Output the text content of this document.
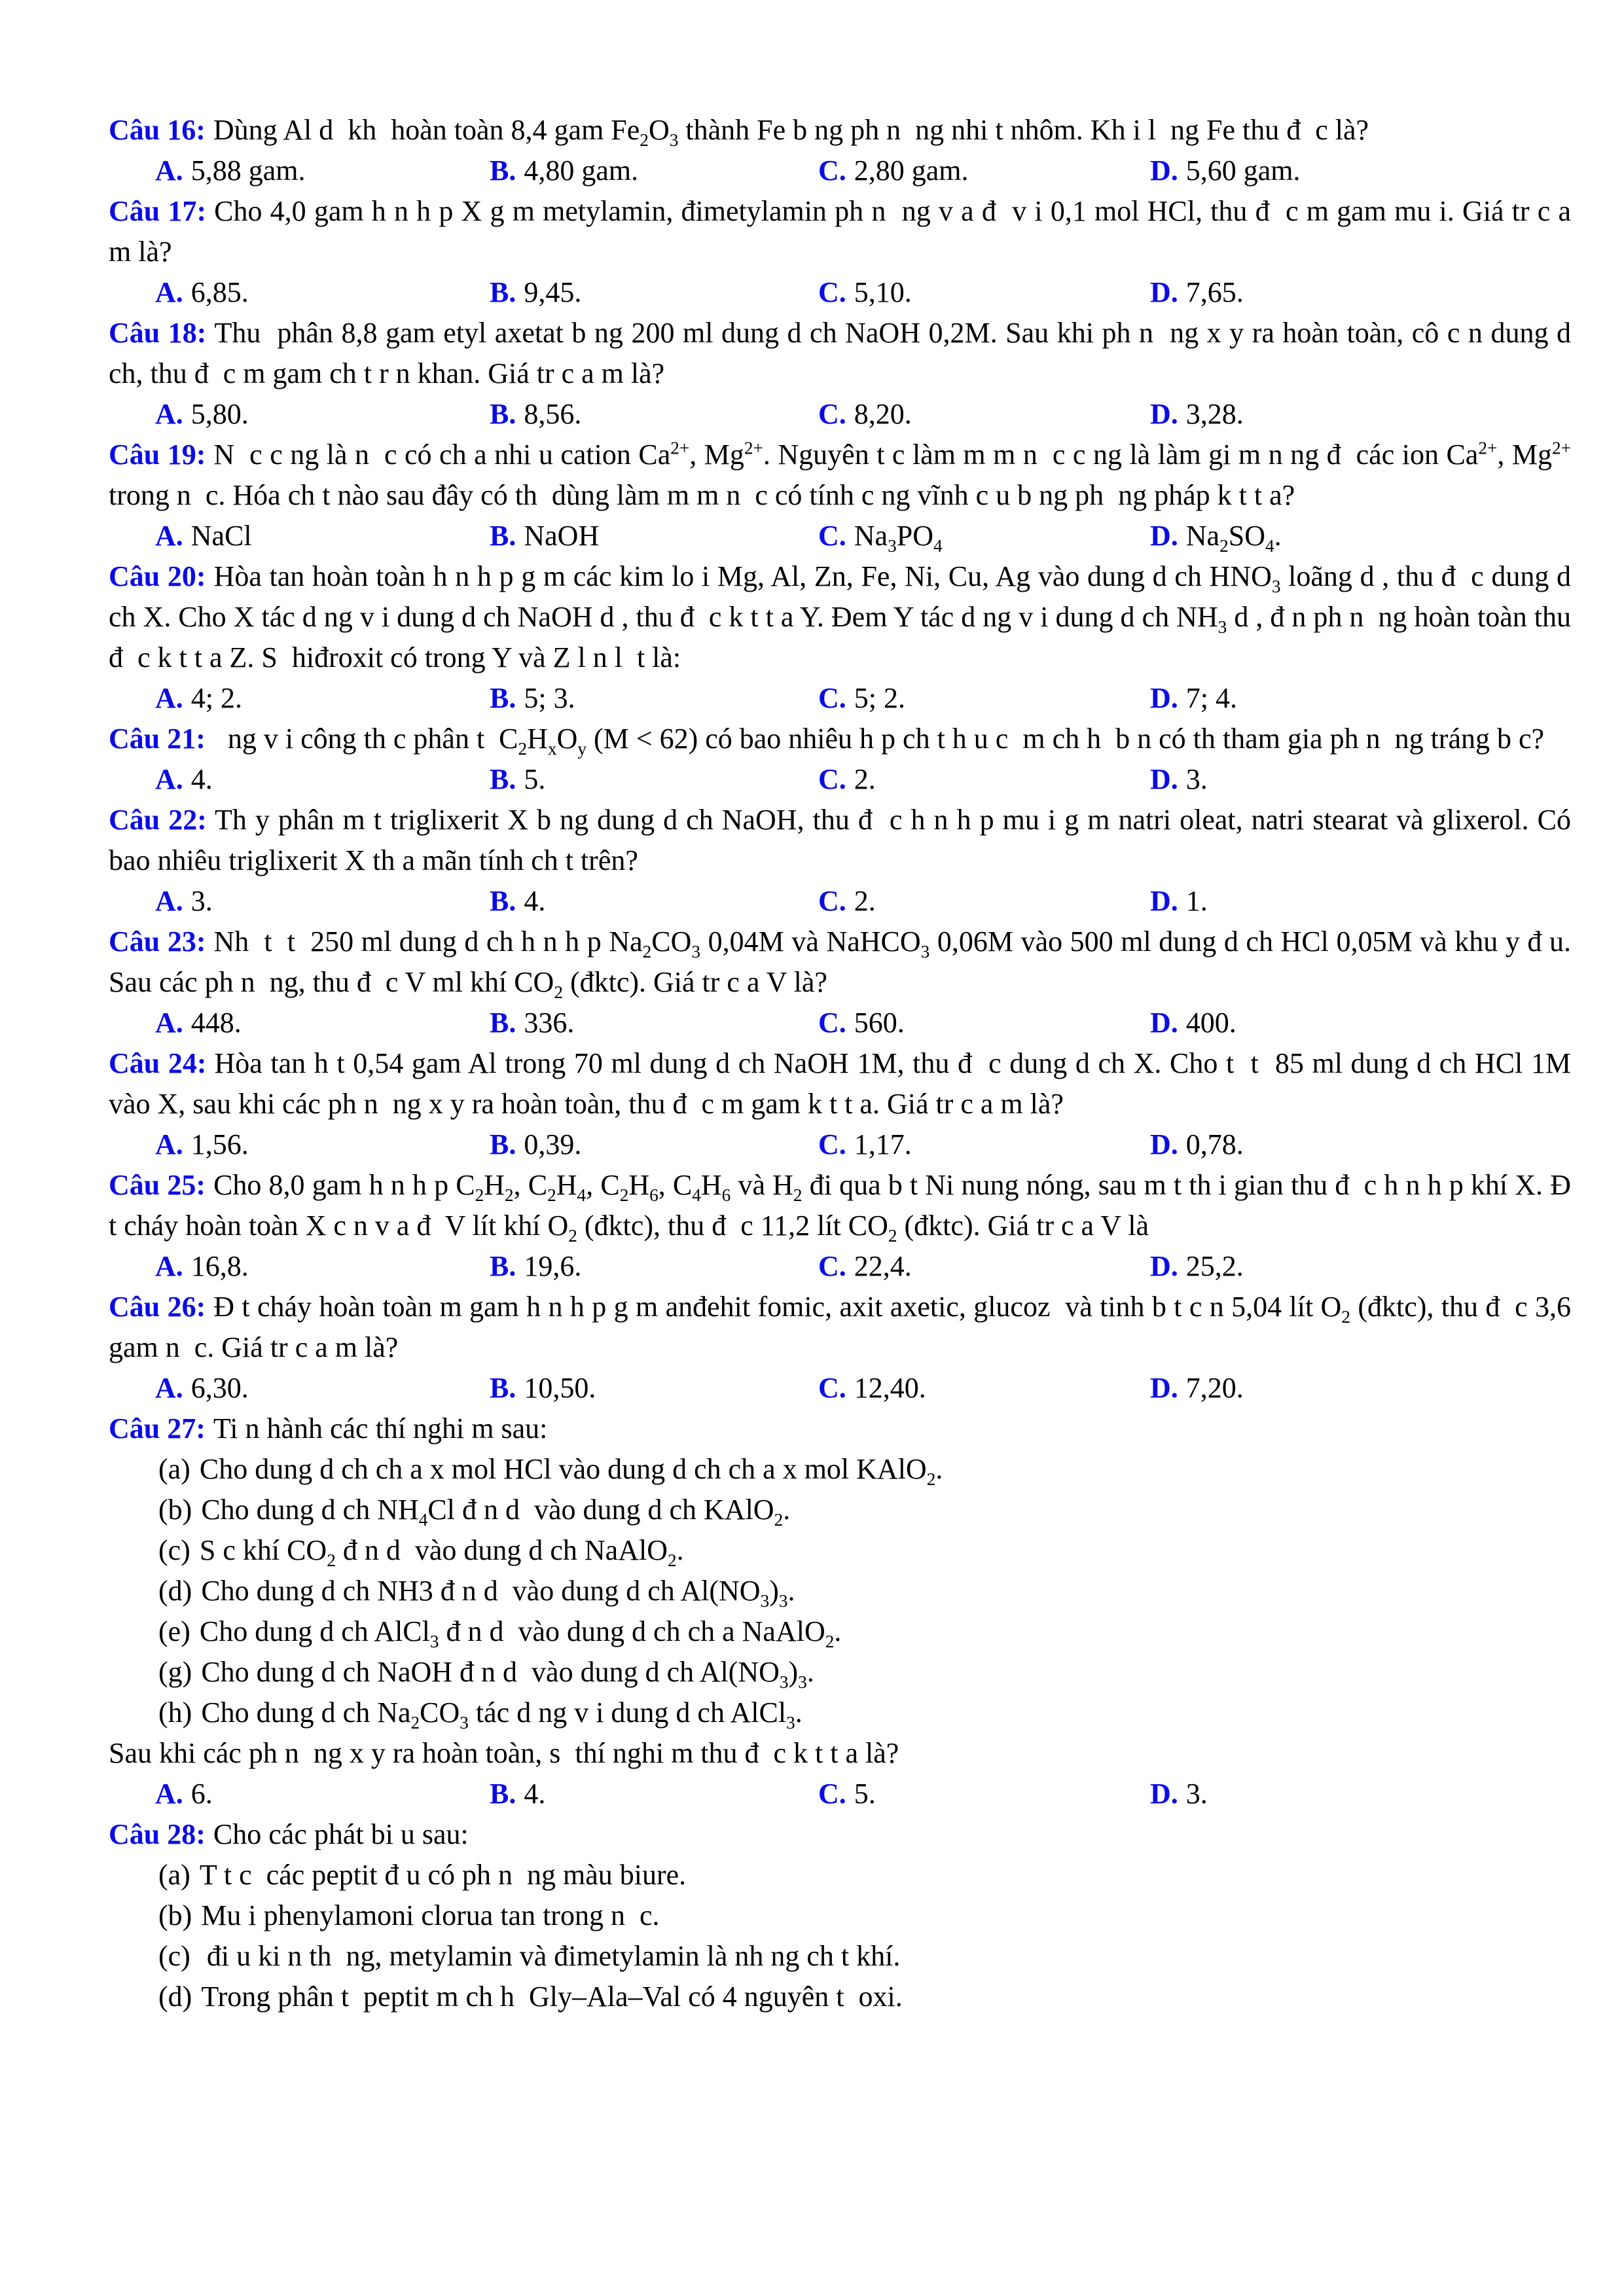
Câu 16: Dùng Al d  kh  hoàn toàn 8,4 gam $Fe_2O_3$ thành Fe b ng ph n  ng nhi t nhôm. Kh i l  ng Fe thu đ  c là?

A. 5,88 gam.	B. 4,80 gam.	C. 2,80 gam.	D. 5,60 gam.

Câu 17: Cho 4,0 gam h n h p X g m metylamin, đimetylamin ph n  ng v a đ  v i 0,1 mol HCl, thu đ  c m gam mu i. Giá tr c a m là?

A. 6,85.	B. 9,45.	C. 5,10.	D. 7,65.

Câu 18: Thu  phân 8,8 gam etyl axetat b ng 200 ml dung d ch NaOH 0,2M. Sau khi ph n  ng x y ra hoàn toàn, cô c n dung d ch, thu đ  c m gam ch t r n khan. Giá tr c a m là?

A. 5,80.	B. 8,56.	C. 8,20.	D. 3,28.

Câu 19: N  c c ng là n  c có ch a nhi u cation $Ca^{2+}$, $Mg^{2+}$. Nguyên t c làm m m n  c c ng là làm gi m n ng đ  các ion $Ca^{2+}$, $Mg^{2+}$ trong n  c. Hóa ch t nào sau đây có th  dùng làm m m n  c có tính c ng vĩnh c u b ng ph  ng pháp k t t a?

A. NaCl	B. NaOH	C. $Na_3PO_4$	D. $Na_2SO_4$.

Câu 20: Hòa tan hoàn toàn h n h p g m các kim lo i Mg, Al, Zn, Fe, Ni, Cu, Ag vào dung d ch $HNO_3$ loãng d , thu đ  c dung d ch X. Cho X tác d ng v i dung d ch NaOH d , thu đ  c k t t a Y. Đem Y tác d ng v i dung d ch $NH_3$ d , đ n ph n  ng hoàn toàn thu đ  c k t t a Z. S  hiđroxit có trong Y và Z l n l  t là:

A. 4; 2.	B. 5; 3.	C. 5; 2.	D. 7; 4.

Câu 21:  ng v i công th c phân t  $C_2H_xO_y$ (M < 62) có bao nhiêu h p ch t h u c  m ch h  b n có th tham gia ph n  ng tráng b c?

A. 4.	B. 5.	C. 2.	D. 3.

Câu 22: Th y phân m t triglixerit X b ng dung d ch NaOH, thu đ  c h n h p mu i g m natri oleat, natri stearat và glixerol. Có bao nhiêu triglixerit X th a mãn tính ch t trên?

A. 3.	B. 4.	C. 2.	D. 1.

Câu 23: Nh  t  t  250 ml dung d ch h n h p $Na_2CO_3$ 0,04M và NaHCO$_3$ 0,06M vào 500 ml dung d ch HCl 0,05M và khu y đ u. Sau các ph n  ng, thu đ  c V ml khí $CO_2$ (đktc). Giá tr c a V là?

A. 448.	B. 336.	C. 560.	D. 400.

Câu 24: Hòa tan h t 0,54 gam Al trong 70 ml dung d ch NaOH 1M, thu đ  c dung d ch X. Cho t  t  85 ml dung d ch HCl 1M vào X, sau khi các ph n  ng x y ra hoàn toàn, thu đ  c m gam k t t a. Giá tr c a m là?

A. 1,56.	B. 0,39.	C. 1,17.	D. 0,78.

Câu 25: Cho 8,0 gam h n h p $C_2H_2$, $C_2H_4$, $C_2H_6$, $C_4H_6$ và $H_2$ đi qua b t Ni nung nóng, sau m t th i gian thu đ  c h n h p khí X. Đ t cháy hoàn toàn X c n v a đ  V lít khí $O_2$ (đktc), thu đ  c 11,2 lít $CO_2$ (đktc). Giá tr c a V là

A. 16,8.	B. 19,6.	C. 22,4.	D. 25,2.

Câu 26: Đ t cháy hoàn toàn m gam h n h p g m anđehit fomic, axit axetic, glucoz  và tinh b t c n 5,04 lít $O_2$ (đktc), thu đ  c 3,6 gam n  c. Giá tr c a m là?

A. 6,30.	B. 10,50.	C. 12,40.	D. 7,20.

Câu 27: Ti n hành các thí nghi m sau:

(a) Cho dung d ch ch a x mol HCl vào dung d ch ch a x mol KAlO$_2$.

(b) Cho dung d ch $NH_4Cl$ đ n d  vào dung d ch KAlO$_2$.

(c) S c khí $CO_2$ đ n d  vào dung d ch NaAlO$_2$.

(d) Cho dung d ch NH3 đ n d  vào dung d ch $Al(NO_3)_3$.

(e) Cho dung d ch AlCl$_3$ đ n d  vào dung d ch ch a NaAlO$_2$.

(g) Cho dung d ch NaOH đ n d  vào dung d ch $Al(NO_3)_3$.

(h) Cho dung d ch $Na_2CO_3$ tác d ng v i dung d ch AlCl$_3$.

Sau khi các ph n  ng x y ra hoàn toàn, s  thí nghi m thu đ  c k t t a là?

A. 6.	B. 4.	C. 5.	D. 3.

Câu 28: Cho các phát bi u sau:

(a) T t c  các peptit đ u có ph n  ng màu biure.

(b) Mu i phenylamoni clorua tan trong n  c.

(c) đi u ki n th  ng, metylamin và đimetylamin là nh ng ch t khí.

(d) Trong phân t  peptit m ch h  Gly–Ala–Val có 4 nguyên t  oxi.
